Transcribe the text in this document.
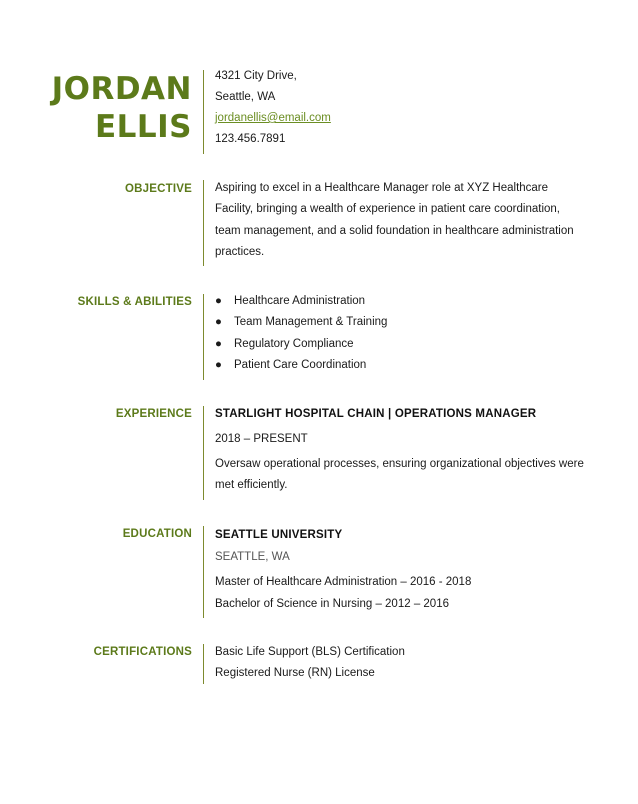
JORDAN
ELLIS
4321 City Drive,
Seattle, WA
jordanellis@email.com
123.456.7891
OBJECTIVE Aspiring to excel in a Healthcare Manager role at XYZ Healthcare Facility, bringing a wealth of experience in patient care coordination, team management, and a solid foundation in healthcare administration practices.
SKILLS & ABILITIES ● Healthcare Administration
● Team Management & Training
● Regulatory Compliance
● Patient Care Coordination
EXPERIENCE STARLIGHT HOSPITAL CHAIN | OPERATIONS MANAGER
2018 – PRESENT
Oversaw operational processes, ensuring organizational objectives were met efficiently.
EDUCATION SEATTLE UNIVERSITY
SEATTLE, WA
Master of Healthcare Administration – 2016 - 2018
Bachelor of Science in Nursing – 2012 – 2016
CERTIFICATIONS Basic Life Support (BLS) Certification
Registered Nurse (RN) License
